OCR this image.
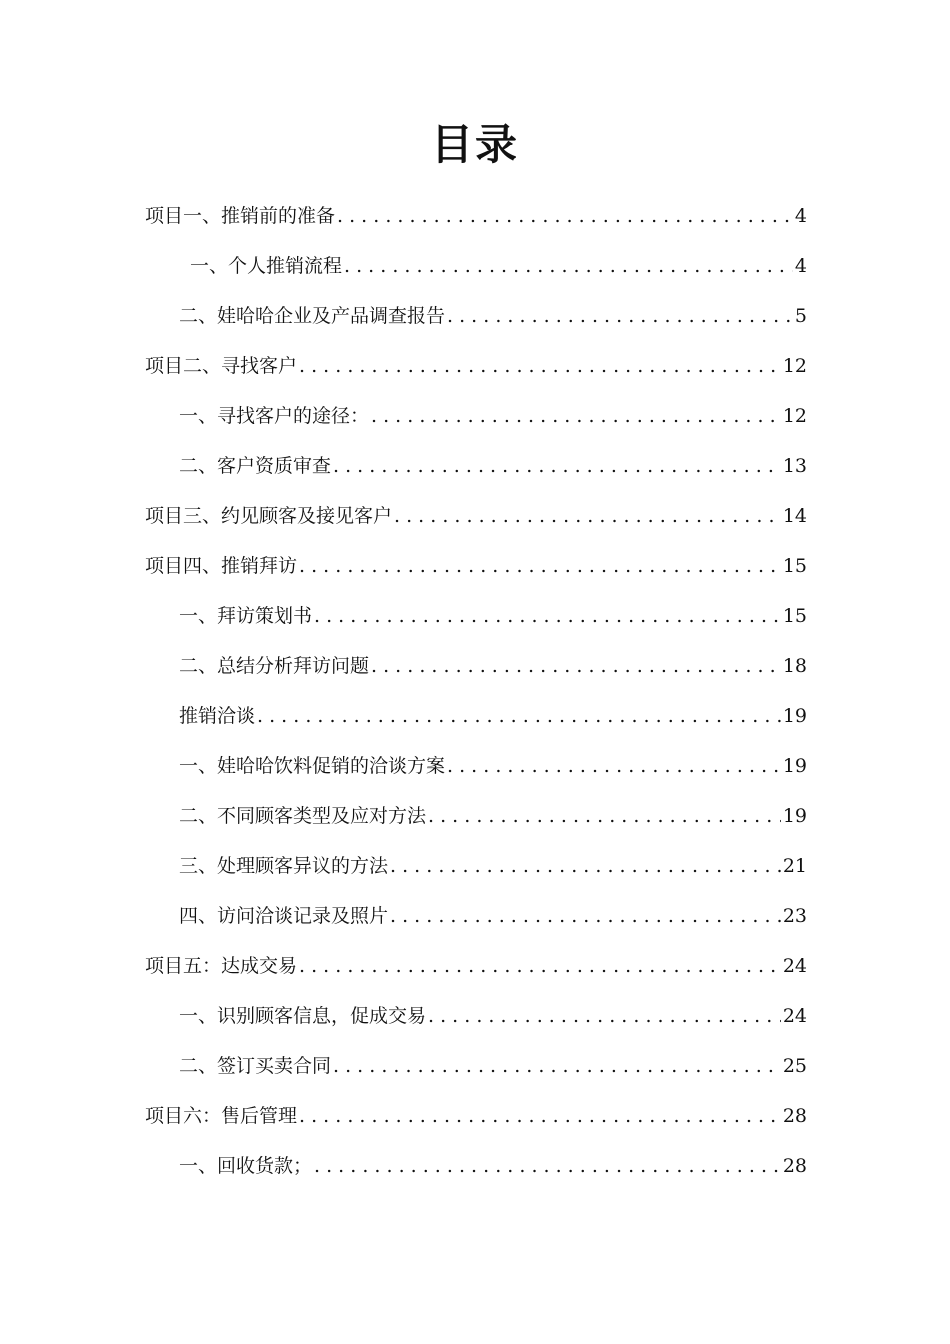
目录
项目一、推销前的准备 . . .	4
一、个人推销流程 . . .	4
二、娃哈哈企业及产品调查报告 . . .	5
项目二、寻找客户 . . .	12
一、寻找客户的途径： . . .	12
二、客户资质审查 . . .	13
项目三、约见顾客及接见客户 . . .	14
项目四、推销拜访 . . .	15
一、拜访策划书 . . .	15
二、总结分析拜访问题 . . .	18
推销洽谈 . . .	19
一、娃哈哈饮料促销的洽谈方案 . . .	19
二、不同顾客类型及应对方法 . . .	19
三、处理顾客异议的方法 . . .	21
四、访问洽谈记录及照片 . . .	23
项目五：达成交易 . . .	24
一、识别顾客信息，促成交易 . . .	24
二、签订买卖合同 . . .	25
项目六：售后管理 . . .	28
一、回收货款； . . .	28
